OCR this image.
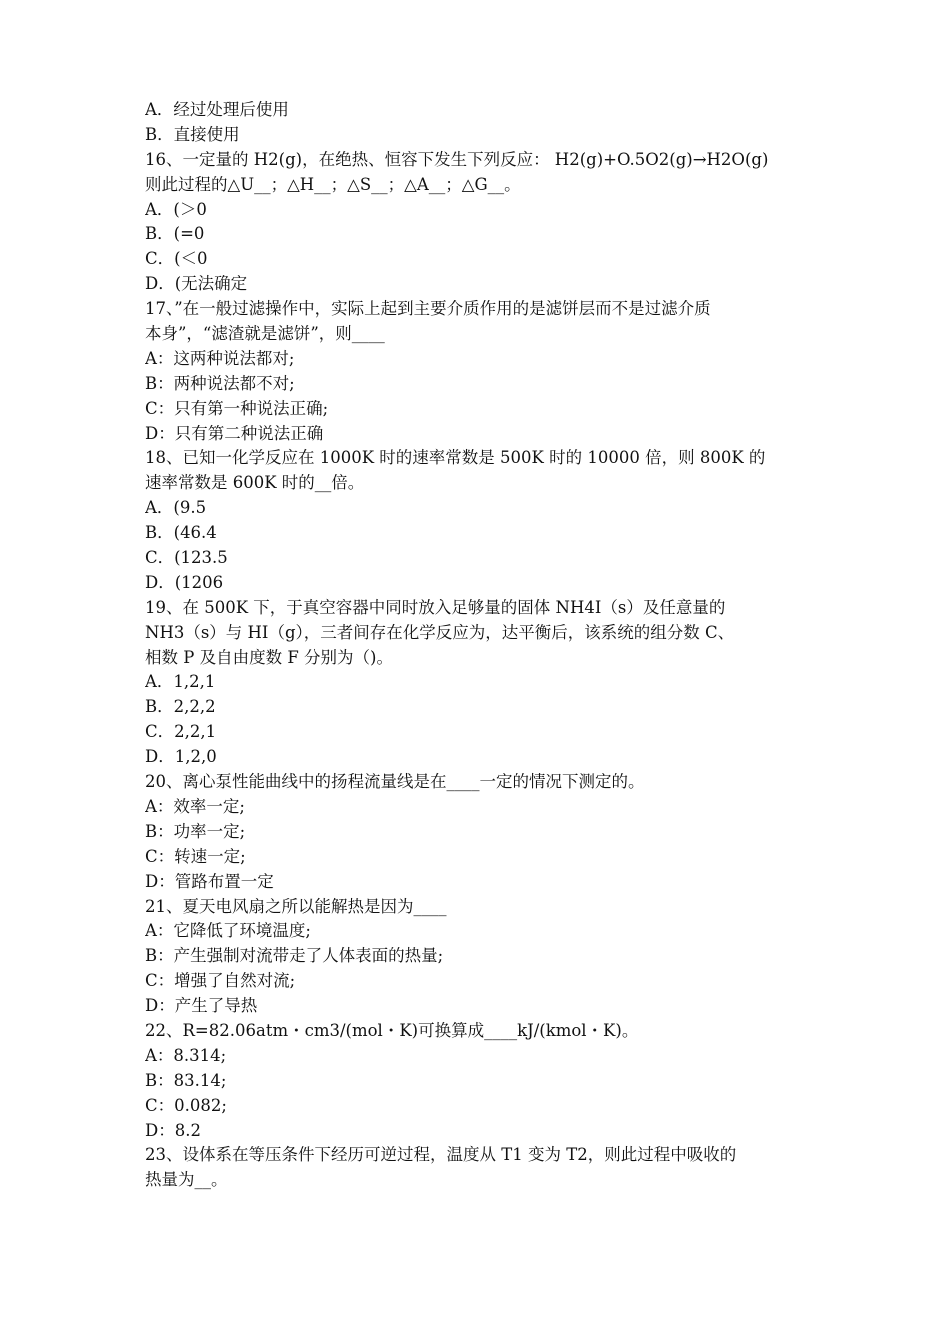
A．经过处理后使用
B．直接使用
16、一定量的 H2(g)，在绝热、恒容下发生下列反应： H2(g)+O.5O2(g)→H2O(g)
则此过程的△U__；△H__；△S__；△A__；△G__。
A．(＞0
B．(=0
C．(＜0
D．(无法确定
17、”在一般过滤操作中，实际上起到主要介质作用的是滤饼层而不是过滤介质
本身”，“滤渣就是滤饼”，则____
A：这两种说法都对;
B：两种说法都不对;
C：只有第一种说法正确;
D：只有第二种说法正确
18、已知一化学反应在 1000K 时的速率常数是 500K 时的 10000 倍，则 800K 的
速率常数是 600K 时的__倍。
A．(9.5
B．(46.4
C．(123.5
D．(1206
19、在 500K 下，于真空容器中同时放入足够量的固体 NH4I（s）及任意量的
NH3（s）与 HI（g），三者间存在化学反应为，达平衡后，该系统的组分数 C、
相数 P 及自由度数 F 分别为（)。
A．1,2,1
B．2,2,2
C．2,2,1
D．1,2,0
20、离心泵性能曲线中的扬程流量线是在____一定的情况下测定的。
A：效率一定;
B：功率一定;
C：转速一定;
D：管路布置一定
21、夏天电风扇之所以能解热是因为____
A：它降低了环境温度;
B：产生强制对流带走了人体表面的热量;
C：增强了自然对流;
D：产生了导热
22、R=82.06atm・cm3/(mol・K)可换算成____kJ/(kmol・K)。
A：8.314;
B：83.14;
C：0.082;
D：8.2
23、设体系在等压条件下经历可逆过程，温度从 T1 变为 T2，则此过程中吸收的
热量为__。
